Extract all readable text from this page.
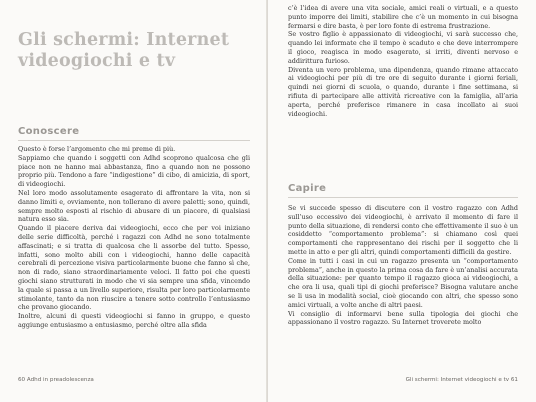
Gli schermi: Internet videogiochi e tv
Conoscere

Questo è forse l’argomento che mi preme di più.

Sappiamo che quando i soggetti con Adhd scoprono qualcosa che gli piace non ne hanno mai abbastanza, fino a quando non ne possono proprio più. Tendono a fare “indigestione” di cibo, di amicizia, di sport, di videogiochi.

Nel loro modo assolutamente esagerato di affrontare la vita, non si danno limiti e, ovviamente, non tollerano di avere paletti; sono, quindi, sempre molto esposti al rischio di abusare di un piacere, di qualsiasi natura esso sia.

Quando il piacere deriva dai videogiochi, ecco che per voi iniziano delle serie difficoltà, perché i ragazzi con Adhd ne sono totalmente affascinati; e si tratta di qualcosa che li assorbe del tutto. Spesso, infatti, sono molto abili con i videogiochi, hanno delle capacità cerebrali di percezione visiva particolarmente buone che fanno sì che, non di rado, siano straordinariamente veloci. Il fatto poi che questi giochi siano strutturati in modo che vi sia sempre una sfida, vincendo la quale si passa a un livello superiore, risulta per loro particolarmente stimolante, tanto da non riuscire a tenere sotto controllo l’entusiasmo che provano giocando.

Inoltre, alcuni di questi videogiochi si fanno in gruppo, e questo aggiunge entusiasmo a entusiasmo, perché oltre alla sfida

60 Adhd in preadolescenza

c’è l’idea di avere una vita sociale, amici reali o virtuali, e a questo punto imporre dei limiti, stabilire che c’è un momento in cui bisogna fermarsi e dire basta, è per loro fonte di estrema frustrazione.

Se vostro figlio è appassionato di videogiochi, vi sarà successo che, quando lei informate che il tempo è scaduto e che deve interrompere il gioco, reagisca in modo esagerato, si irriti, diventi nervoso e addirittura furioso.

Diventa un vero problema, una dipendenza, quando rimane attaccato ai videogiochi per più di tre ore di seguito durante i giorni feriali, quindi nei giorni di scuola, o quando, durante i fine settimana, si rifiuta di partecipare alle attività ricreative con la famiglia, all’aria aperta, perché preferisce rimanere in casa incollato ai suoi videogiochi.

Capire

Se vi succede spesso di discutere con il vostro ragazzo con Adhd sull’uso eccessivo dei videogiochi, è arrivato il momento di fare il punto della situazione, di rendersi conto che effettivamente il suo è un cosiddetto “comportamento problema”: si chiamano così quei comportamenti che rappresentano dei rischi per il soggetto che li mette in atto e per gli altri, quindi comportamenti difficili da gestire.

Come in tutti i casi in cui un ragazzo presenta un “comportamento problema”, anche in questo la prima cosa da fare è un’analisi accurata della situazione: per quanto tempo il ragazzo gioca ai videogiochi, a che ora li usa, quali tipi di giochi preferisce? Bisogna valutare anche se li usa in modalità social, cioè giocando con altri, che spesso sono amici virtuali, a volte anche di altri paesi.

Vi consiglio di informarvi bene sulla tipologia dei giochi che appassionano il vostro ragazzo. Su Internet troverete molto

Gli schermi: Internet videogiochi e tv 61
